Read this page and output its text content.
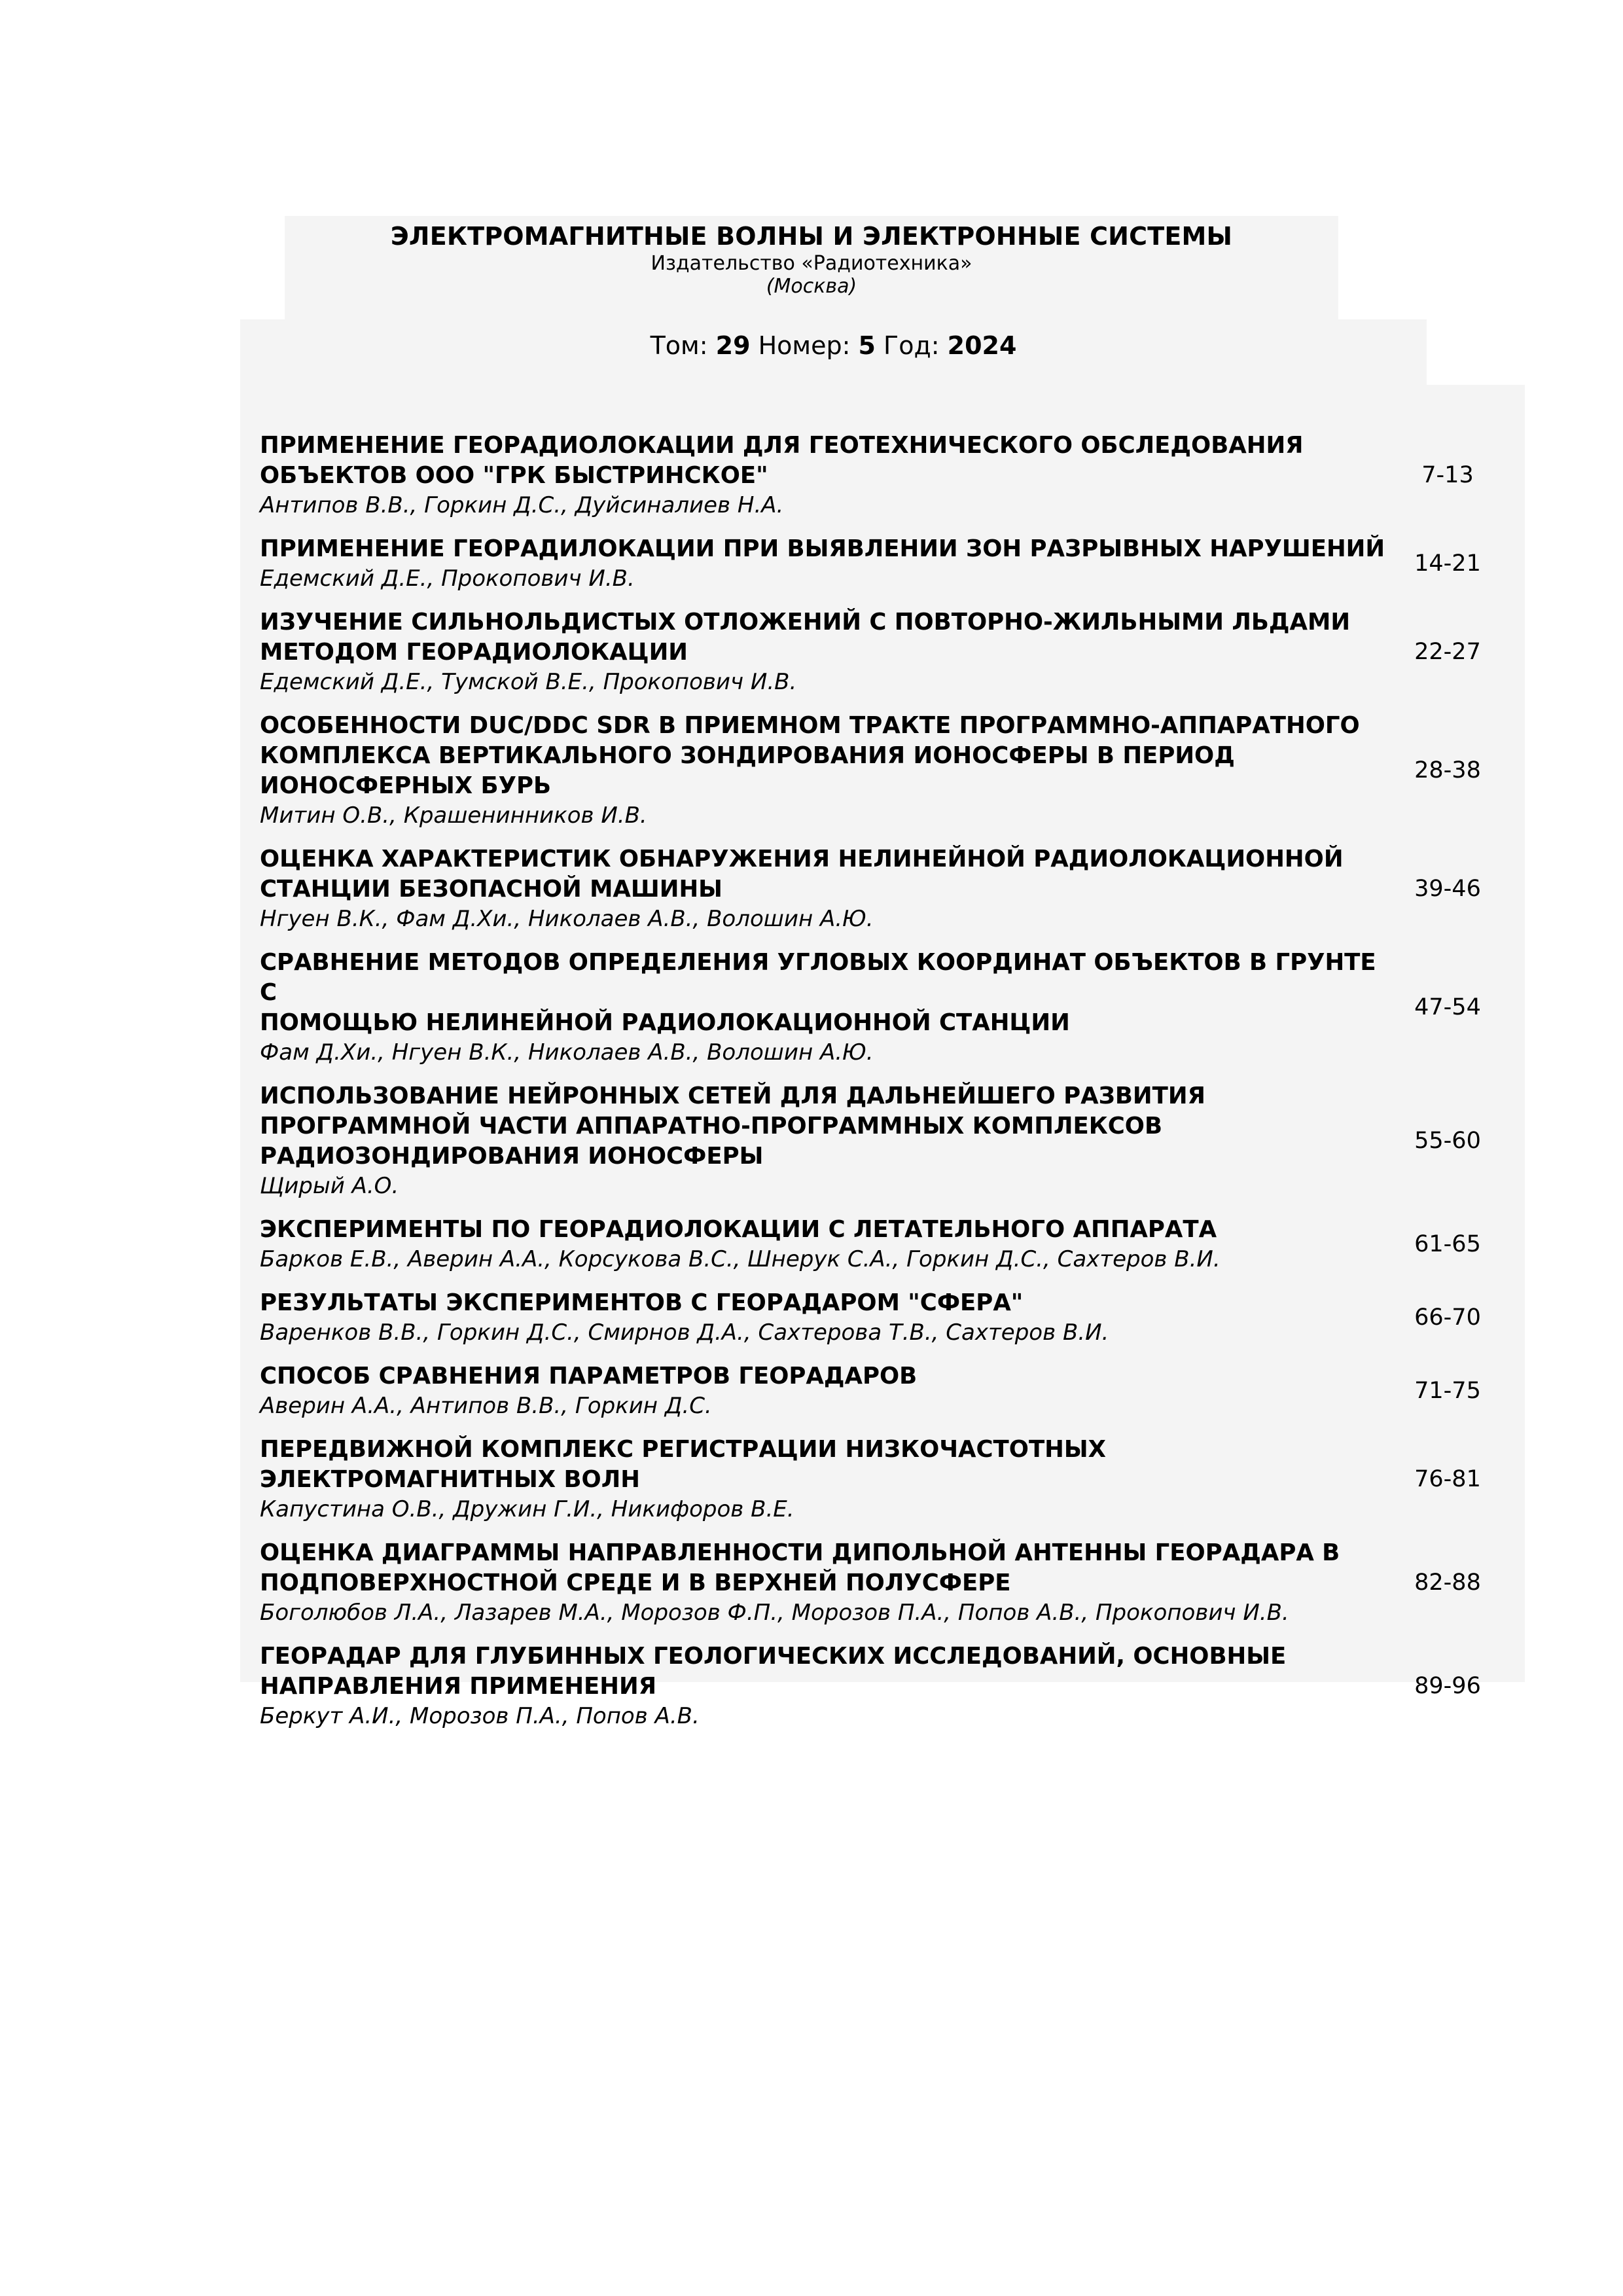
ЭЛЕКТРОМАГНИТНЫЕ ВОЛНЫ И ЭЛЕКТРОННЫЕ СИСТЕМЫ
Издательство «Радиотехника»
(Москва)
Том: 29 Номер: 5 Год: 2024
ПРИМЕНЕНИЕ ГЕОРАДИОЛОКАЦИИ ДЛЯ ГЕОТЕХНИЧЕСКОГО ОБСЛЕДОВАНИЯ
ОБЪЕКТОВ ООО "ГРК БЫСТРИНСКОЕ"
Антипов В.В., Горкин Д.С., Дуйсиналиев Н.А.
7-13
ПРИМЕНЕНИЕ ГЕОРАДИЛОКАЦИИ ПРИ ВЫЯВЛЕНИИ ЗОН РАЗРЫВНЫХ НАРУШЕНИЙ
Едемский Д.Е., Прокопович И.В.
14-21
ИЗУЧЕНИЕ СИЛЬНОЛЬДИСТЫХ ОТЛОЖЕНИЙ С ПОВТОРНО-ЖИЛЬНЫМИ ЛЬДАМИ
МЕТОДОМ ГЕОРАДИОЛОКАЦИИ
Едемский Д.Е., Тумской В.Е., Прокопович И.В.
22-27
ОСОБЕННОСТИ DUC/DDC SDR В ПРИЕМНОМ ТРАКТЕ ПРОГРАММНО-АППАРАТНОГО
КОМПЛЕКСА ВЕРТИКАЛЬНОГО ЗОНДИРОВАНИЯ ИОНОСФЕРЫ В ПЕРИОД
ИОНОСФЕРНЫХ БУРЬ
Митин О.В., Крашенинников И.В.
28-38
ОЦЕНКА ХАРАКТЕРИСТИК ОБНАРУЖЕНИЯ НЕЛИНЕЙНОЙ РАДИОЛОКАЦИОННОЙ
СТАНЦИИ БЕЗОПАСНОЙ МАШИНЫ
Нгуен В.К., Фам Д.Хи., Николаев А.В., Волошин А.Ю.
39-46
СРАВНЕНИЕ МЕТОДОВ ОПРЕДЕЛЕНИЯ УГЛОВЫХ КООРДИНАТ ОБЪЕКТОВ В ГРУНТЕ С
ПОМОЩЬЮ НЕЛИНЕЙНОЙ РАДИОЛОКАЦИОННОЙ СТАНЦИИ
Фам Д.Хи., Нгуен В.К., Николаев А.В., Волошин А.Ю.
47-54
ИСПОЛЬЗОВАНИЕ НЕЙРОННЫХ СЕТЕЙ ДЛЯ ДАЛЬНЕЙШЕГО РАЗВИТИЯ
ПРОГРАММНОЙ ЧАСТИ АППАРАТНО-ПРОГРАММНЫХ КОМПЛЕКСОВ
РАДИОЗОНДИРОВАНИЯ ИОНОСФЕРЫ
Щирый А.О.
55-60
ЭКСПЕРИМЕНТЫ ПО ГЕОРАДИОЛОКАЦИИ С ЛЕТАТЕЛЬНОГО АППАРАТА
Барков Е.В., Аверин А.А., Корсукова В.С., Шнерук С.А., Горкин Д.С., Сахтеров В.И.
61-65
РЕЗУЛЬТАТЫ ЭКСПЕРИМЕНТОВ С ГЕОРАДАРОМ "СФЕРА"
Варенков В.В., Горкин Д.С., Смирнов Д.А., Сахтерова Т.В., Сахтеров В.И.
66-70
СПОСОБ СРАВНЕНИЯ ПАРАМЕТРОВ ГЕОРАДАРОВ
Аверин А.А., Антипов В.В., Горкин Д.С.
71-75
ПЕРЕДВИЖНОЙ КОМПЛЕКС РЕГИСТРАЦИИ НИЗКОЧАСТОТНЫХ
ЭЛЕКТРОМАГНИТНЫХ ВОЛН
Капустина О.В., Дружин Г.И., Никифоров В.Е.
76-81
ОЦЕНКА ДИАГРАММЫ НАПРАВЛЕННОСТИ ДИПОЛЬНОЙ АНТЕННЫ ГЕОРАДАРА В
ПОДПОВЕРХНОСТНОЙ СРЕДЕ И В ВЕРХНЕЙ ПОЛУСФЕРЕ
Боголюбов Л.А., Лазарев М.А., Морозов Ф.П., Морозов П.А., Попов А.В., Прокопович И.В.
82-88
ГЕОРАДАР ДЛЯ ГЛУБИННЫХ ГЕОЛОГИЧЕСКИХ ИССЛЕДОВАНИЙ, ОСНОВНЫЕ
НАПРАВЛЕНИЯ ПРИМЕНЕНИЯ
Беркут А.И., Морозов П.А., Попов А.В.
89-96
